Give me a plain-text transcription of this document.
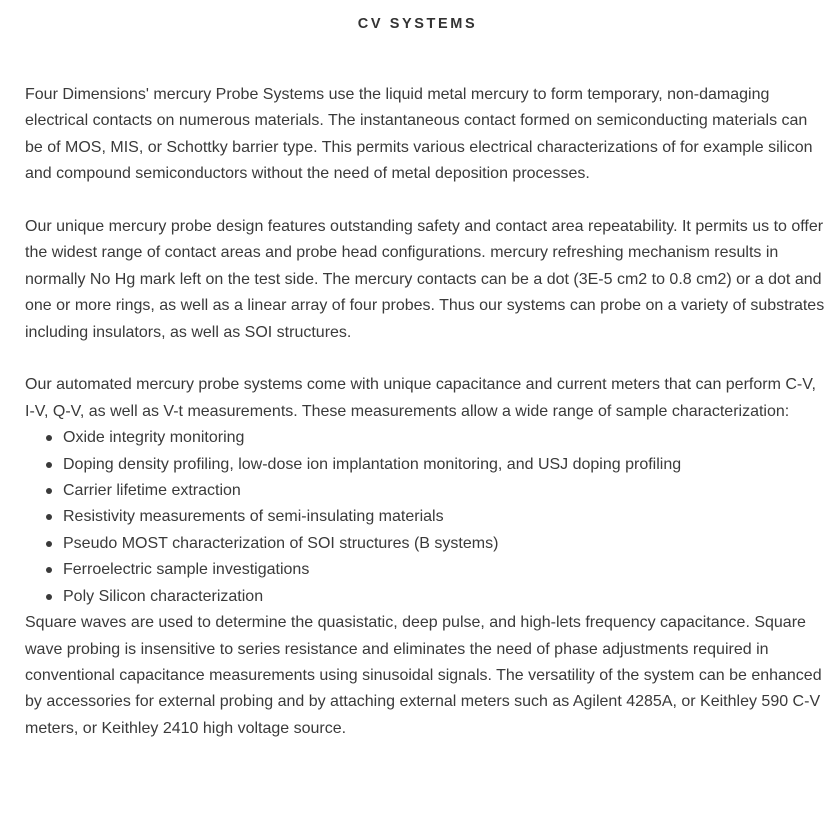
CV SYSTEMS

Four Dimensions' mercury Probe Systems use the liquid metal mercury to form temporary, non-damaging electrical contacts on numerous materials. The instantaneous contact formed on semiconducting materials can be of MOS, MIS, or Schottky barrier type. This permits various electrical characterizations of for example silicon and compound semiconductors without the need of metal deposition processes.

Our unique mercury probe design features outstanding safety and contact area repeatability. It permits us to offer the widest range of contact areas and probe head configurations. mercury refreshing mechanism results in normally No Hg mark left on the test side. The mercury contacts can be a dot (3E-5 cm2 to 0.8 cm2) or a dot and one or more rings, as well as a linear array of four probes. Thus our systems can probe on a variety of substrates including insulators, as well as SOI structures.

Our automated mercury probe systems come with unique capacitance and current meters that can perform C-V, I-V, Q-V, as well as V-t measurements. These measurements allow a wide range of sample characterization:

Oxide integrity monitoring
Doping density profiling, low-dose ion implantation monitoring, and USJ doping profiling
Carrier lifetime extraction
Resistivity measurements of semi-insulating materials
Pseudo MOST characterization of SOI structures (B systems)
Ferroelectric sample investigations
Poly Silicon characterization

Square waves are used to determine the quasistatic, deep pulse, and high-lets frequency capacitance. Square wave probing is insensitive to series resistance and eliminates the need of phase adjustments required in conventional capacitance measurements using sinusoidal signals. The versatility of the system can be enhanced by accessories for external probing and by attaching external meters such as Agilent 4285A, or Keithley 590 C-V meters, or Keithley 2410 high voltage source.
